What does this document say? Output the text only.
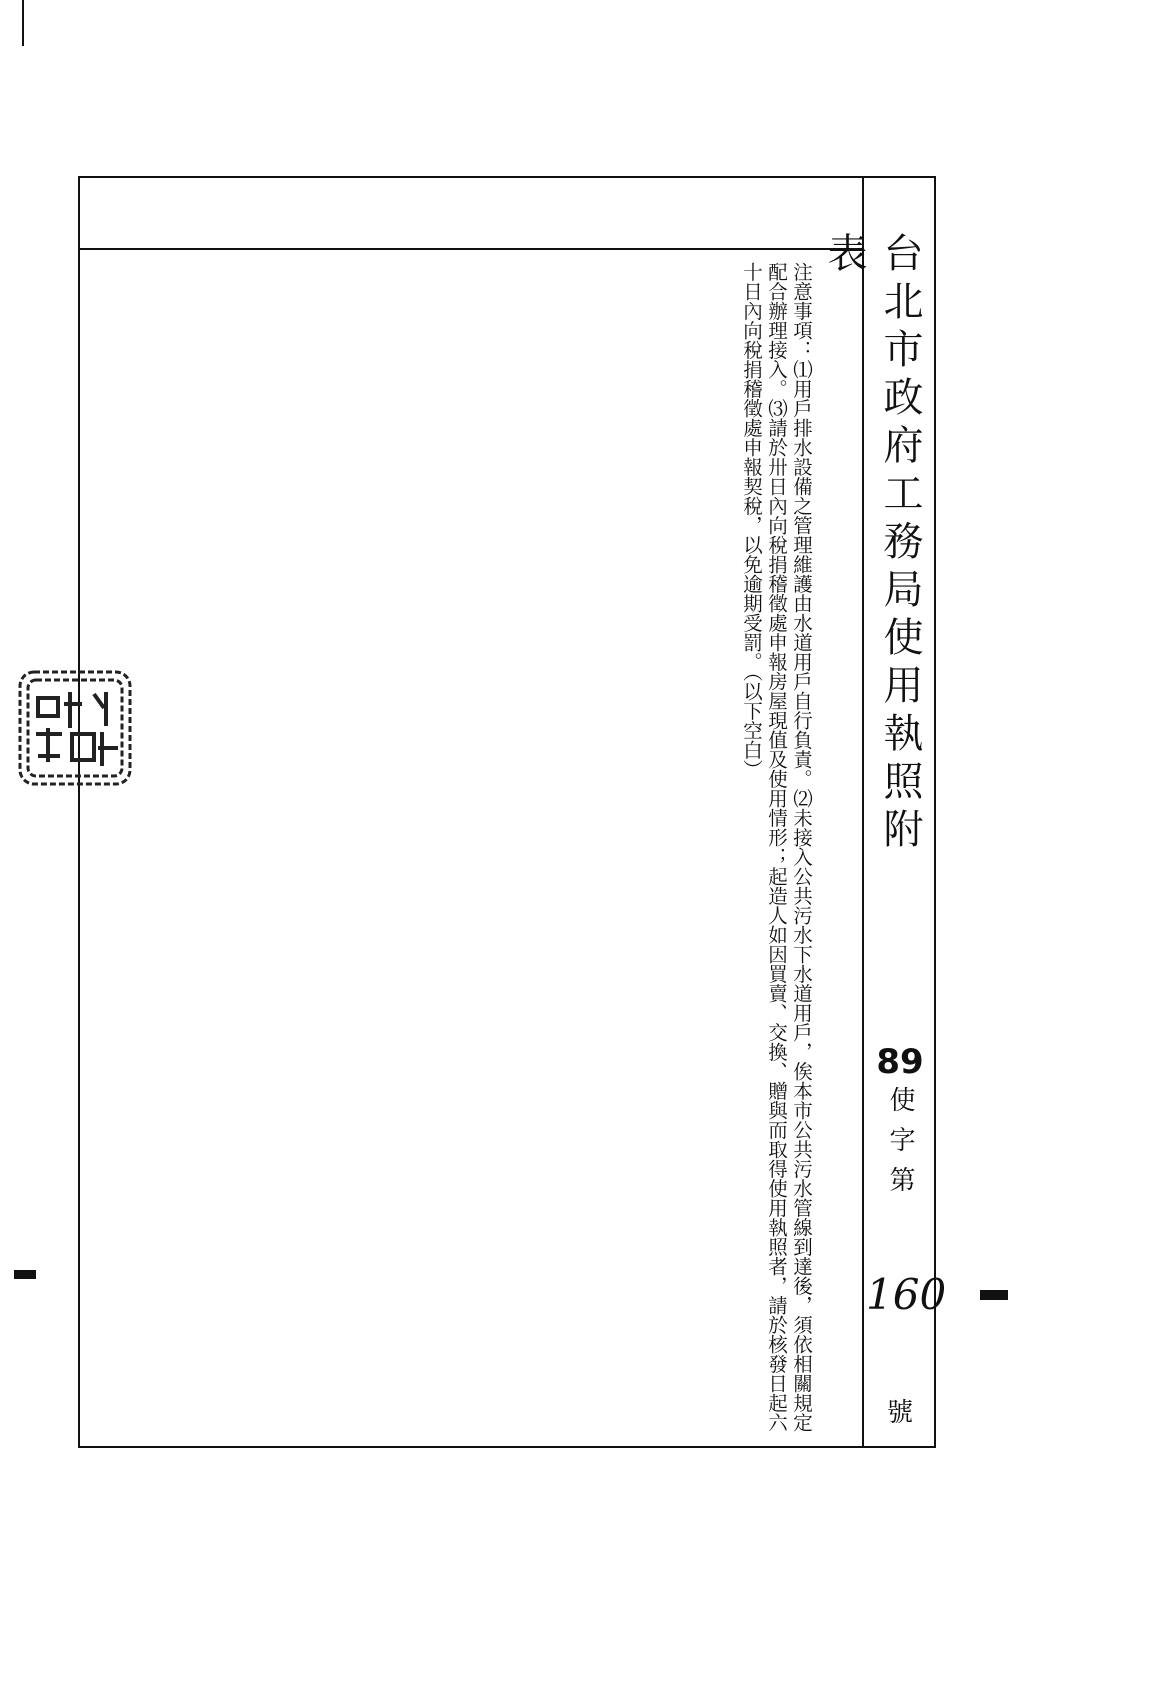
台北市政府工務局使用執照附表
89
使字第
160
號
注意事項：⑴用戶排水設備之管理維護由水道用戶自行負責。⑵未接入公共污水下水道用戶，俟本市公共污水管線到達後，須依相關規定配合辦理接入。⑶請於卅日內向稅捐稽徵處申報房屋現值及使用情形；起造人如因買賣、交換、贈與而取得使用執照者，請於核發日起六十日內向稅捐稽徵處申報契稅，以免逾期受罰。（以下空白）
